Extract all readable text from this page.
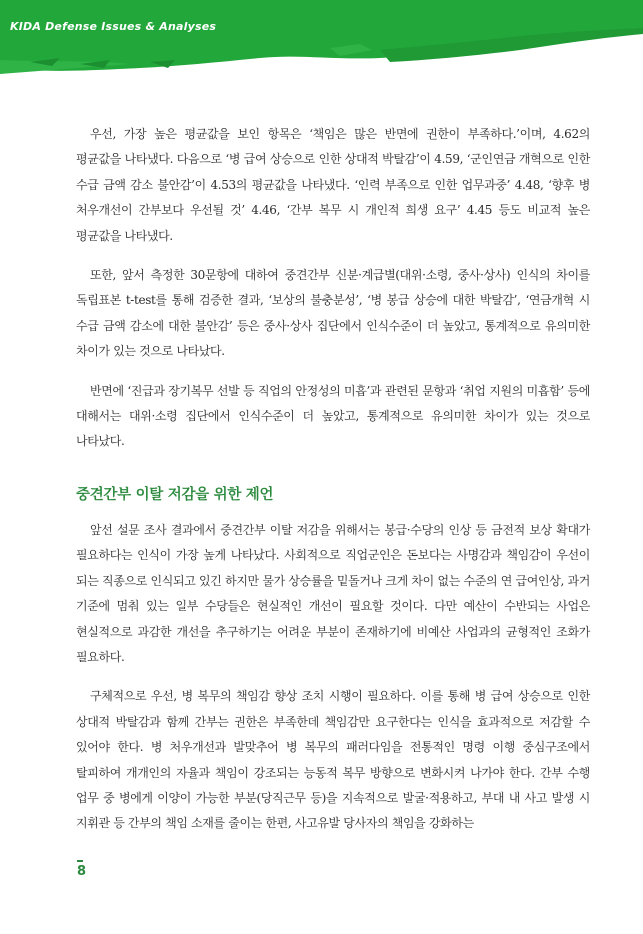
KIDA Defense Issues & Analyses

우선, 가장 높은 평균값을 보인 항목은 ‘책임은 많은 반면에 권한이 부족하다.’이며, 4.62의 평균값을 나타냈다. 다음으로 ‘병 급여 상승으로 인한 상대적 박탈감’이 4.59, ‘군인연금 개혁으로 인한 수급 금액 감소 불안감’이 4.53의 평균값을 나타냈다. ‘인력 부족으로 인한 업무과중’ 4.48, ‘향후 병 처우개선이 간부보다 우선될 것’ 4.46, ‘간부 복무 시 개인적 희생 요구’ 4.45 등도 비교적 높은 평균값을 나타냈다.

또한, 앞서 측정한 30문항에 대하여 중견간부 신분·계급별(대위·소령, 중사·상사) 인식의 차이를 독립표본 t-test를 통해 검증한 결과, ‘보상의 불충분성’, ‘병 봉급 상승에 대한 박탈감’, ‘연금개혁 시 수급 금액 감소에 대한 불안감’ 등은 중사·상사 집단에서 인식수준이 더 높았고, 통계적으로 유의미한 차이가 있는 것으로 나타났다.

반면에 ‘진급과 장기복무 선발 등 직업의 안정성의 미흡’과 관련된 문항과 ‘취업 지원의 미흡함’ 등에 대해서는 대위·소령 집단에서 인식수준이 더 높았고, 통계적으로 유의미한 차이가 있는 것으로 나타났다.

중견간부 이탈 저감을 위한 제언

앞선 설문 조사 결과에서 중견간부 이탈 저감을 위해서는 봉급·수당의 인상 등 금전적 보상 확대가 필요하다는 인식이 가장 높게 나타났다. 사회적으로 직업군인은 돈보다는 사명감과 책임감이 우선이 되는 직종으로 인식되고 있긴 하지만 물가 상승률을 밑돌거나 크게 차이 없는 수준의 연 급여인상, 과거 기준에 멈춰 있는 일부 수당들은 현실적인 개선이 필요할 것이다. 다만 예산이 수반되는 사업은 현실적으로 과감한 개선을 추구하기는 어려운 부분이 존재하기에 비예산 사업과의 균형적인 조화가 필요하다.

구체적으로 우선, 병 복무의 책임감 향상 조치 시행이 필요하다. 이를 통해 병 급여 상승으로 인한 상대적 박탈감과 함께 간부는 권한은 부족한데 책임감만 요구한다는 인식을 효과적으로 저감할 수 있어야 한다. 병 처우개선과 발맞추어 병 복무의 패러다임을 전통적인 명령 이행 중심구조에서 탈피하여 개개인의 자율과 책임이 강조되는 능동적 복무 방향으로 변화시켜 나가야 한다. 간부 수행 업무 중 병에게 이양이 가능한 부분(당직근무 등)을 지속적으로 발굴·적용하고, 부대 내 사고 발생 시 지휘관 등 간부의 책임 소재를 줄이는 한편, 사고유발 당사자의 책임을 강화하는

8
